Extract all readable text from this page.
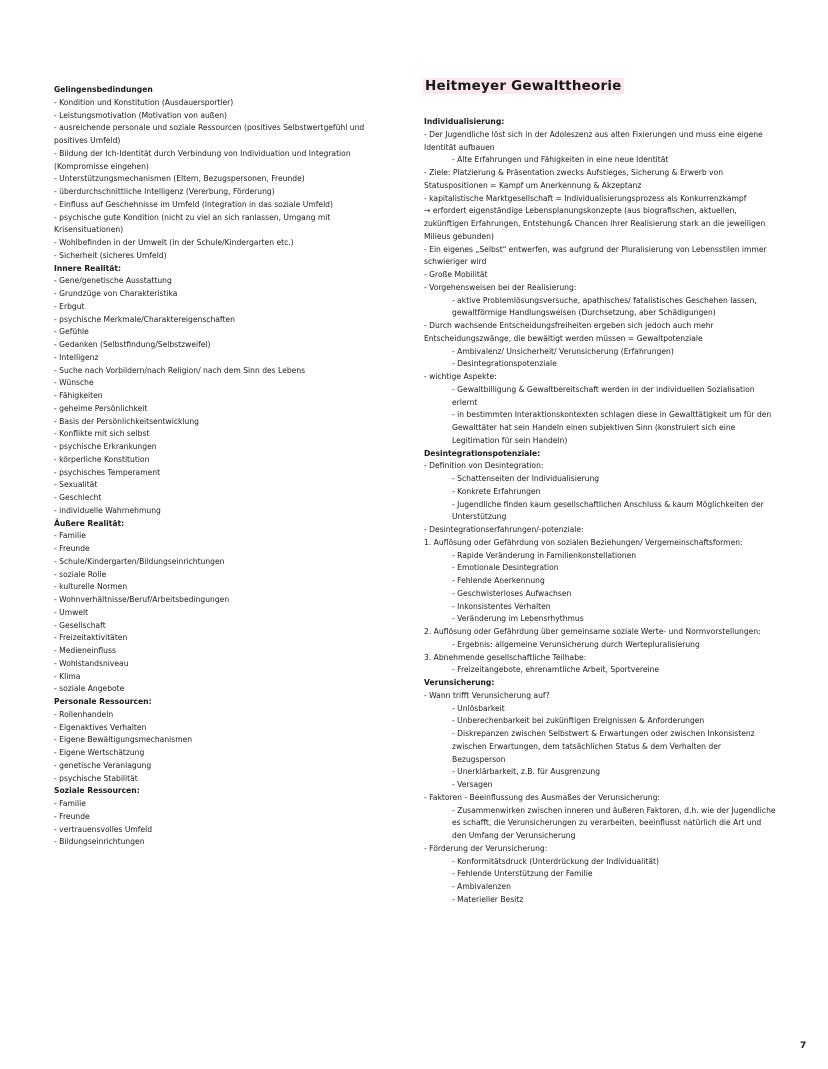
Heitmeyer Gewalttheorie
Gelingensbedindungen
- Kondition und Konstitution (Ausdauersportler)
- Leistungsmotivation (Motivation von außen)
- ausreichende personale und soziale Ressourcen (positives Selbstwertgefühl und positives Umfeld)
- Bildung der Ich-Identität durch Verbindung von Individuation und Integration (Kompromisse eingehen)
- Unterstützungsmechanismen (Eltern, Bezugspersonen, Freunde)
- überdurchschnittliche Intelligenz (Vererbung, Förderung)
- Einfluss auf Geschehnisse im Umfeld (Integration in das soziale Umfeld)
- psychische gute Kondition (nicht zu viel an sich ranlassen, Umgang mit Krisensituationen)
- Wohlbefinden in der Umwelt (in der Schule/Kindergarten etc.)
- Sicherheit (sicheres Umfeld)
Innere Realität:
- Gene/genetische Ausstattung
- Grundzüge von Charakteristika
- Erbgut
- psychische Merkmale/Charaktereigenschaften
- Gefühle
- Gedanken (Selbstfindung/Selbstzweifel)
- Intelligenz
- Suche nach Vorbildern/nach Religion/ nach dem Sinn des Lebens
- Wünsche
- Fähigkeiten
- geheime Persönlichkeit
- Basis der Persönlichkeitsentwicklung
- Konflikte mit sich selbst
- psychische Erkrankungen
- körperliche Konstitution
- psychisches Temperament
- Sexualität
- Geschlecht
- individuelle Wahrnehmung
Äußere Realität:
- Familie
- Freunde
- Schule/Kindergarten/Bildungseinrichtungen
- soziale Rolle
- kulturelle Normen
- Wohnverhältnisse/Beruf/Arbeitsbedingungen
- Umwelt
- Gesellschaft
- Freizeitaktivitäten
- Medieneinfluss
- Wohlstandsniveau
- Klima
- soziale Angebote
Personale Ressourcen:
- Rollenhandeln
- Eigenaktives Verhalten
- Eigene Bewältigungsmechanismen
- Eigene Wertschätzung
- genetische Veranlagung
- psychische Stabilität
Soziale Ressourcen:
- Familie
- Freunde
- vertrauensvolles Umfeld
- Bildungseinrichtungen
Individualisierung:
- Der Jugendliche löst sich in der Adoleszenz aus alten Fixierungen und muss eine eigene Identität aufbauen
- Alte Erfahrungen und Fähigkeiten in eine neue Identität
- Ziele: Platzierung & Präsentation zwecks Aufstieges, Sicherung & Erwerb von Statuspositionen = Kampf um Anerkennung & Akzeptanz
- kapitalistische Marktgesellschaft = Individualisierungsprozess als Konkurrenzkampf
→ erfordert eigenständige Lebensplanungskonzepte (aus biografischen, aktuellen, zukünftigen Erfahrungen, Entstehung& Chancen ihrer Realisierung stark an die jeweiligen Milieus gebunden)
- Ein eigenes „Selbst" entwerfen, was aufgrund der Pluralisierung von Lebensstilen immer schwieriger wird
- Große Mobilität
- Vorgehensweisen bei der Realisierung:
- aktive Problemlösungsversuche, apathisches/ fatalistisches Geschehen lassen, gewaltförmige Handlungsweisen (Durchsetzung, aber Schädigungen)
- Durch wachsende Entscheidungsfreiheiten ergeben sich jedoch auch mehr Entscheidungszwänge, die bewältigt werden müssen = Gewaltpotenziale
- Ambivalenz/ Unsicherheit/ Verunsicherung (Erfahrungen)
- Desintegrationspotenziale
- wichtige Aspekte:
- Gewaltbilligung & Gewaltbereitschaft werden in der individuellen Sozialisation erlernt
- in bestimmten Interaktionskontexten schlagen diese in Gewalttätigkeit um für den Gewalttäter hat sein Handeln einen subjektiven Sinn (konstruiert sich eine Legitimation für sein Handeln)
Desintegrationspotenziale:
- Definition von Desintegration:
- Schattenseiten der Individualisierung
- Konkrete Erfahrungen
- Jugendliche finden kaum gesellschaftlichen Anschluss & kaum Möglichkeiten der Unterstützung
- Desintegrationserfahrungen/-potenziale:
1. Auflösung oder Gefährdung von sozialen Beziehungen/ Vergemeinschaftsformen:
- Rapide Veränderung in Familienkonstellationen
- Emotionale Desintegration
- Fehlende Anerkennung
- Geschwisterloses Aufwachsen
- Inkonsistentes Verhalten
- Veränderung im Lebensrhythmus
2. Auflösung oder Gefährdung über gemeinsame soziale Werte- und Normvorstellungen:
- Ergebnis: allgemeine Verunsicherung durch Wertepluralisierung
3. Abnehmende gesellschaftliche Teilhabe:
- Freizeitangebote, ehrenamtliche Arbeit, Sportvereine
Verunsicherung:
- Wann trifft Verunsicherung auf?
- Unlösbarkeit
- Unberechenbarkeit bei zukünftigen Ereignissen & Anforderungen
- Diskrepanzen zwischen Selbstwert & Erwartungen oder zwischen Inkonsistenz zwischen Erwartungen, dem tatsächlichen Status & dem Verhalten der Bezugsperson
- Unerklärbarkeit, z.B. für Ausgrenzung
- Versagen
- Faktoren - Beeinflussung des Ausmaßes der Verunsicherung:
- Zusammenwirken zwischen inneren und äußeren Faktoren, d.h. wie der Jugendliche es schafft, die Verunsicherungen zu verarbeiten, beeinflusst natürlich die Art und den Umfang der Verunsicherung
- Förderung der Verunsicherung:
- Konformitätsdruck (Unterdrückung der Individualität)
- Fehlende Unterstützung der Familie
- Ambivalenzen
- Materieller Besitz
7
